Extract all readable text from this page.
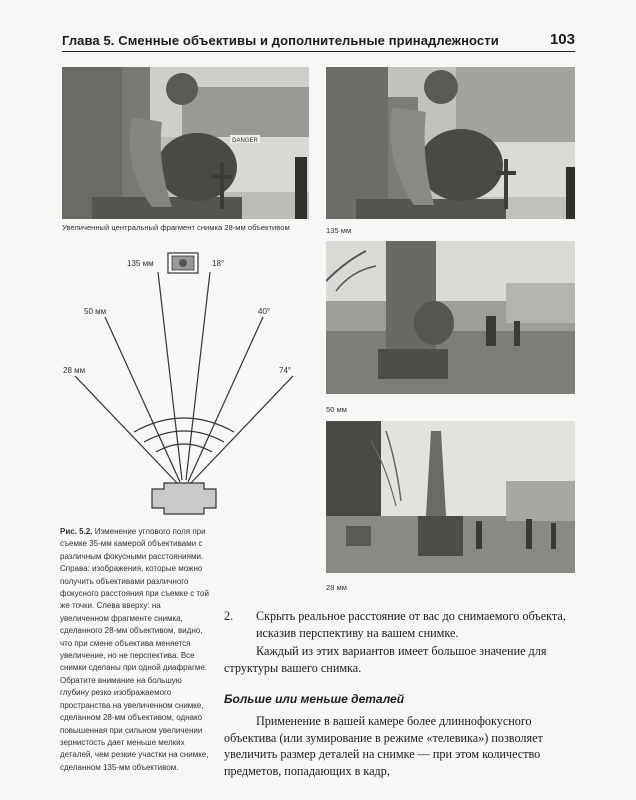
Глава 5. Сменные объективы и дополнительные принадлежности	103
DANGER
Увеличенный центральный фрагмент снимка 28-мм объективом	135 мм
50 мм
28 мм
135 мм	18°
50 мм	40°
28 мм	74°
Рис. 5.2. Изменение углового поля при съемке 35-мм камерой объективами с различным фокусными расстояниями. Справа: изображения, которые можно получить объективами различного фокусного расстояния при съемке с той же точки. Слева вверху: на увеличенном фрагменте снимка, сделанного 28-мм объективом, видно, что при смене объектива меняется увеличение, но не перспектива. Все снимки сделаны при одной диафрагме. Обратите внимание на большую глубину резко изображаемого пространства на увеличенном снимке, сделанном 28-мм объективом, однако повышенная при сильном увеличении зернистость дает меньше мелких деталей, чем резкие участки на снимке, сделанном 135-мм объективом.
2. Скрыть реальное расстояние от вас до снимаемого объекта, исказив перспективу на вашем снимке.
Каждый из этих вариантов имеет большое значение для структуры вашего снимка.
Больше или меньше деталей
Применение в вашей камере более длиннофокусного объектива (или зумирование в режиме «телевика») позволяет увеличить размер деталей на снимке — при этом количество предметов, попадающих в кадр,
